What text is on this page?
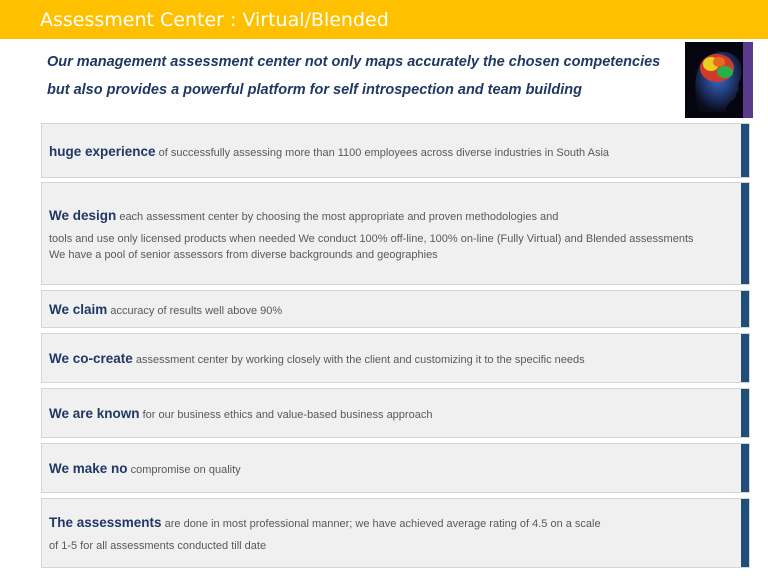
Assessment Center : Virtual/Blended
Our management assessment center not only maps accurately the chosen competencies
but also provides a powerful platform for self introspection and team building
huge experience of successfully assessing more than 1100 employees across diverse industries in South Asia
We design each assessment center by choosing the most appropriate and proven methodologies and
tools and use only licensed products when needed We conduct 100% off-line, 100% on-line (Fully Virtual) and Blended assessments
We have a pool of senior assessors from diverse backgrounds and geographies
We claim accuracy of results well above 90%
We co-create assessment center by working closely with the client and customizing it to the specific needs
We are known for our business ethics and value-based business approach
We make no compromise on quality
The assessments are done in most professional manner; we have achieved average rating of 4.5 on a scale
of 1-5 for all assessments conducted till date
